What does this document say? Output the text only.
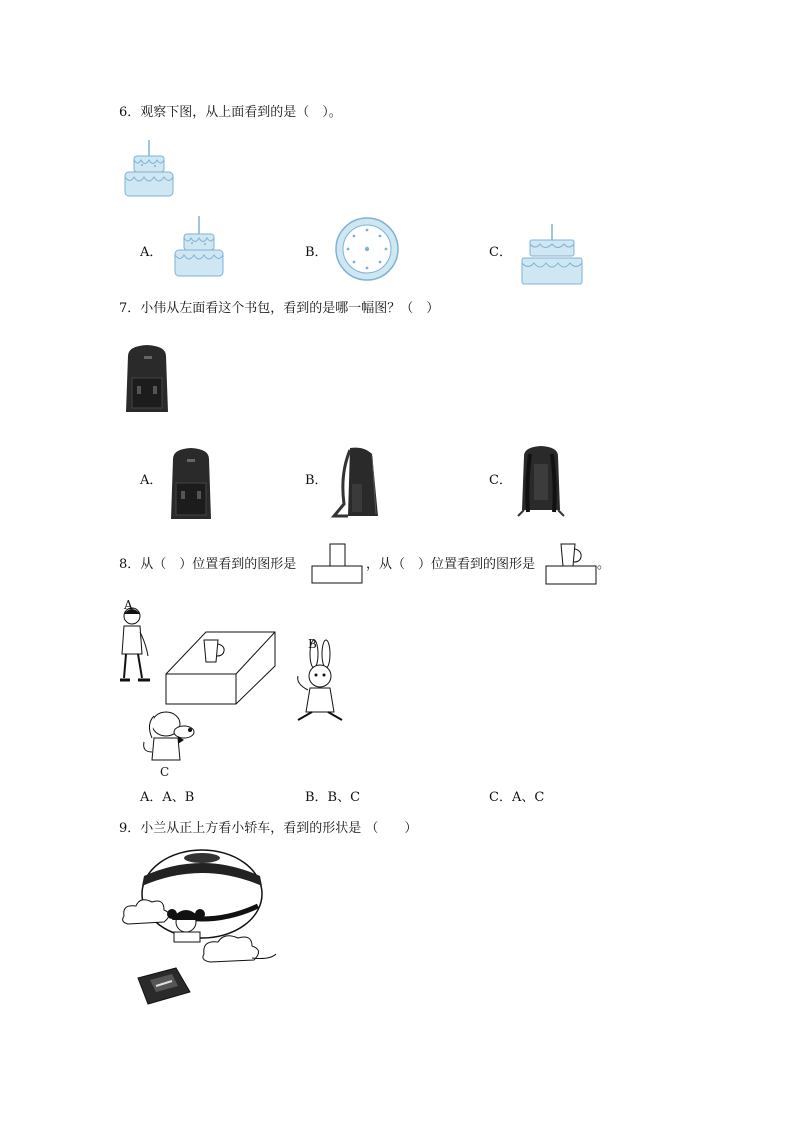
6．观察下图，从上面看到的是（　）。
A．	B．	C．
7．小伟从左面看这个书包，看到的是哪一幅图？（　）
A．	B．	C．
8．从（　）位置看到的图形是	，从（　）位置看到的图形是	。
A
B
C
A．A、B	B．B、C	C．A、C
9．小兰从正上方看小轿车，看到的形状是 （　　）
